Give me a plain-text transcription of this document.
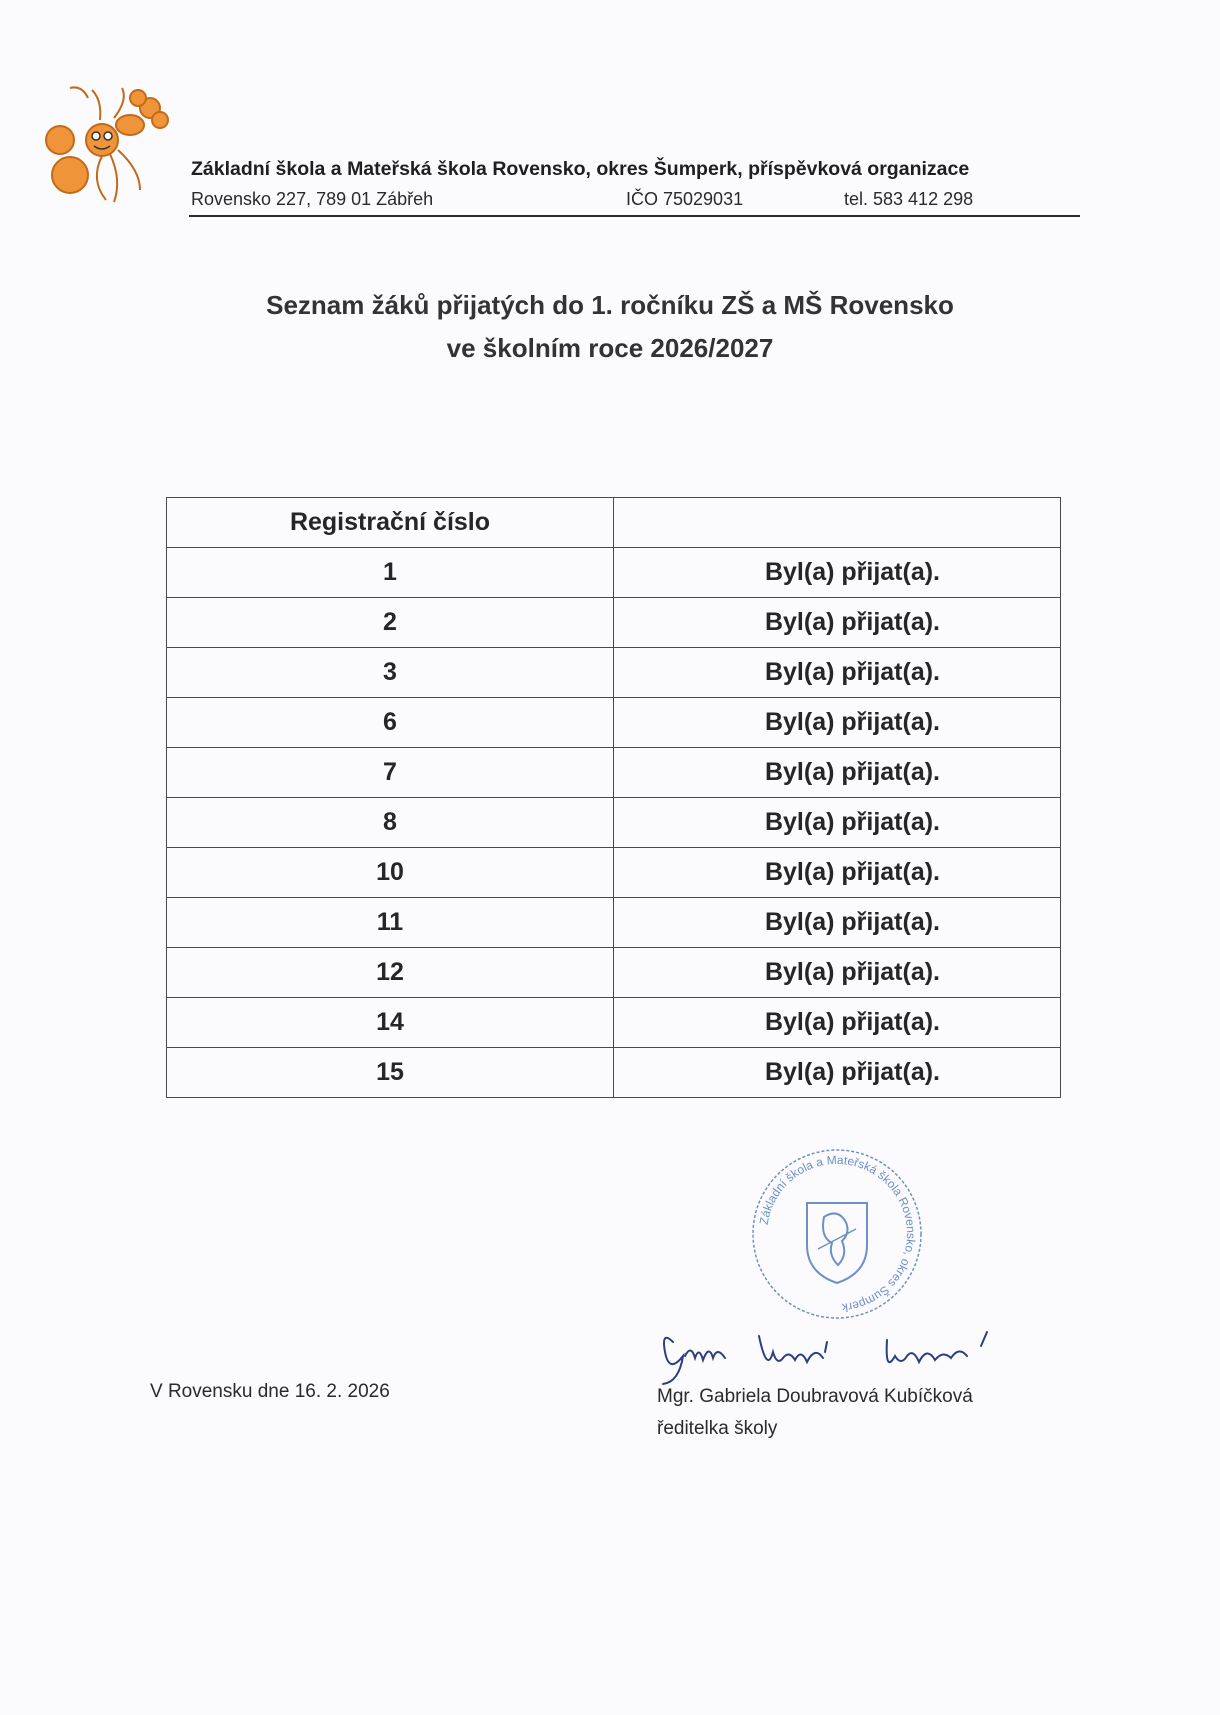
Základní škola a Mateřská škola Rovensko, okres Šumperk, příspěvková organizace
Rovensko 227, 789 01 Zábřeh	IČO 75029031	tel. 583 412 298
Seznam žáků přijatých do 1. ročníku ZŠ a MŠ Rovensko
ve školním roce 2026/2027
Registrační číslo	
1	Byl(a) přijat(a).
2	Byl(a) přijat(a).
3	Byl(a) přijat(a).
6	Byl(a) přijat(a).
7	Byl(a) přijat(a).
8	Byl(a) přijat(a).
10	Byl(a) přijat(a).
11	Byl(a) přijat(a).
12	Byl(a) přijat(a).
14	Byl(a) přijat(a).
15	Byl(a) přijat(a).
Základní škola a Mateřská škola Rovensko, okres Šumperk
V Rovensku dne 16. 2. 2026	Mgr. Gabriela Doubravová Kubíčková
ředitelka školy
